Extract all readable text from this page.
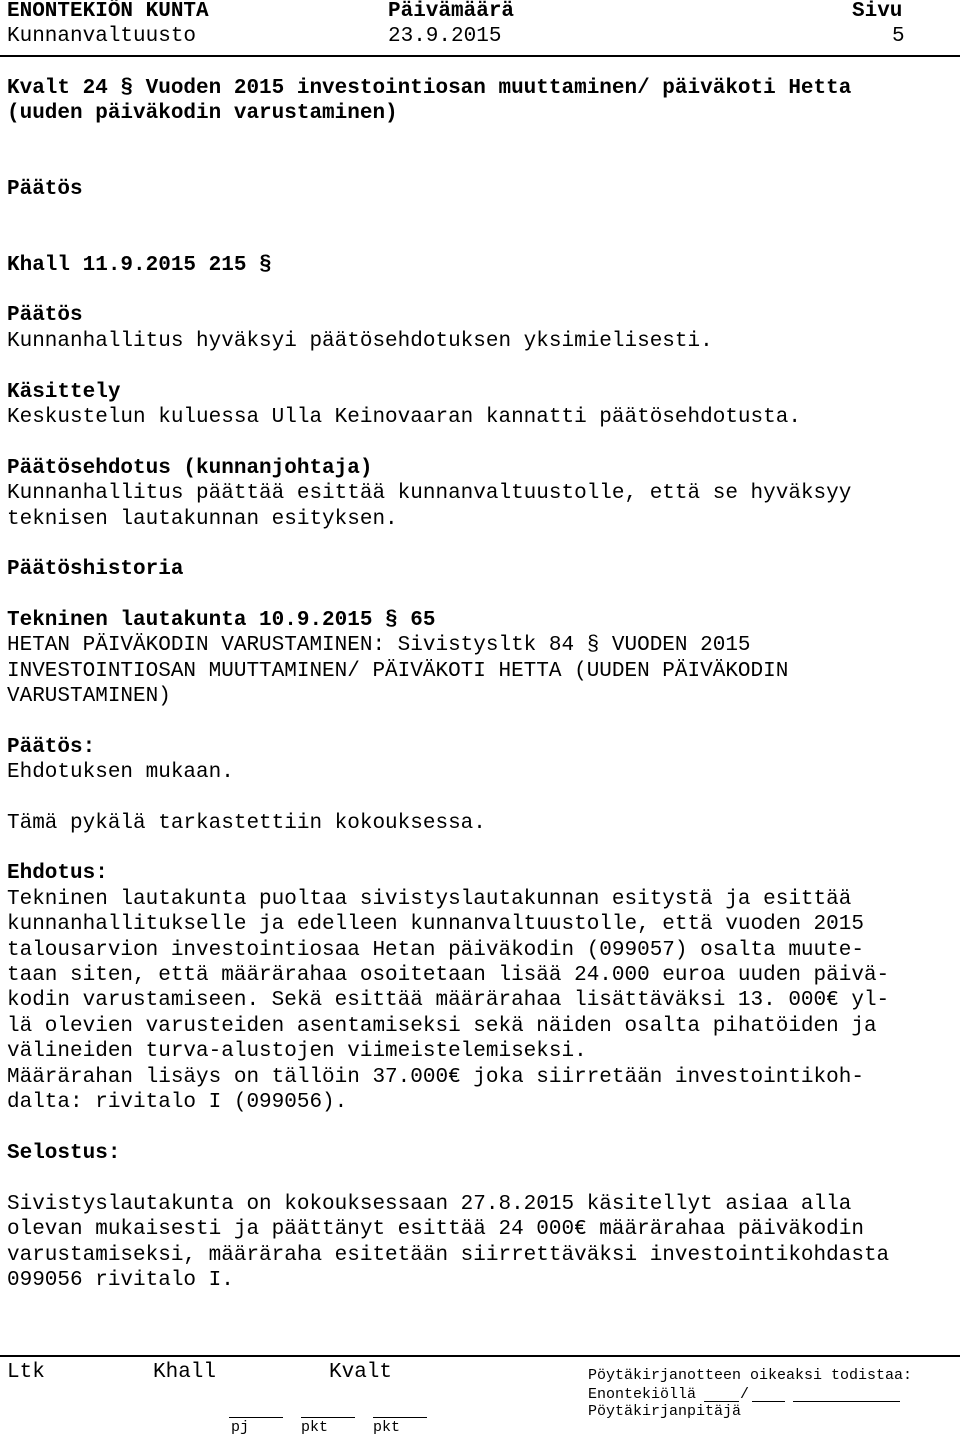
ENONTEKIÖN KUNTA	Päivämäärä	Sivu

Kunnanvaltuusto	23.9.2015	5

Kvalt 24 § Vuoden 2015 investointiosan muuttaminen/ päiväkoti Hetta

(uuden päiväkodin varustaminen)

Päätös

Khall 11.9.2015 215 §

Päätös

Kunnanhallitus hyväksyi päätösehdotuksen yksimielisesti.

Käsittely

Keskustelun kuluessa Ulla Keinovaaran kannatti päätösehdotusta.

Päätösehdotus (kunnanjohtaja)

Kunnanhallitus päättää esittää kunnanvaltuustolle, että se hyväksyy

teknisen lautakunnan esityksen.

Päätöshistoria

Tekninen lautakunta 10.9.2015 § 65

HETAN PÄIVÄKODIN VARUSTAMINEN: Sivistysltk 84 § VUODEN 2015

INVESTOINTIOSAN MUUTTAMINEN/ PÄIVÄKOTI HETTA (UUDEN PÄIVÄKODIN

VARUSTAMINEN)

Päätös:

Ehdotuksen mukaan.

Tämä pykälä tarkastettiin kokouksessa.

Ehdotus:

Tekninen lautakunta puoltaa sivistyslautakunnan esitystä ja esittää

kunnanhallitukselle ja edelleen kunnanvaltuustolle, että vuoden 2015

talousarvion investointiosaa Hetan päiväkodin (099057) osalta muute-

taan siten, että määrärahaa osoitetaan lisää 24.000 euroa uuden päivä-

kodin varustamiseen. Sekä esittää määrärahaa lisättäväksi 13. 000€ yl-

lä olevien varusteiden asentamiseksi sekä näiden osalta pihatöiden ja

välineiden turva-alustojen viimeistelemiseksi.

Määrärahan lisäys on tällöin 37.000€ joka siirretään investointikoh-

dalta: rivitalo I (099056).

Selostus:

Sivistyslautakunta on kokouksessaan 27.8.2015 käsitellyt asiaa alla

olevan mukaisesti ja päättänyt esittää 24 000€ määrärahaa päiväkodin

varustamiseksi, määräraha esitetään siirrettäväksi investointikohdasta

099056 rivitalo I.

Ltk	Khall	Kvalt	Pöytäkirjanotteen oikeaksi todistaa:

Enontekiöllä	/

Pöytäkirjanpitäjä

pj	pkt	pkt
